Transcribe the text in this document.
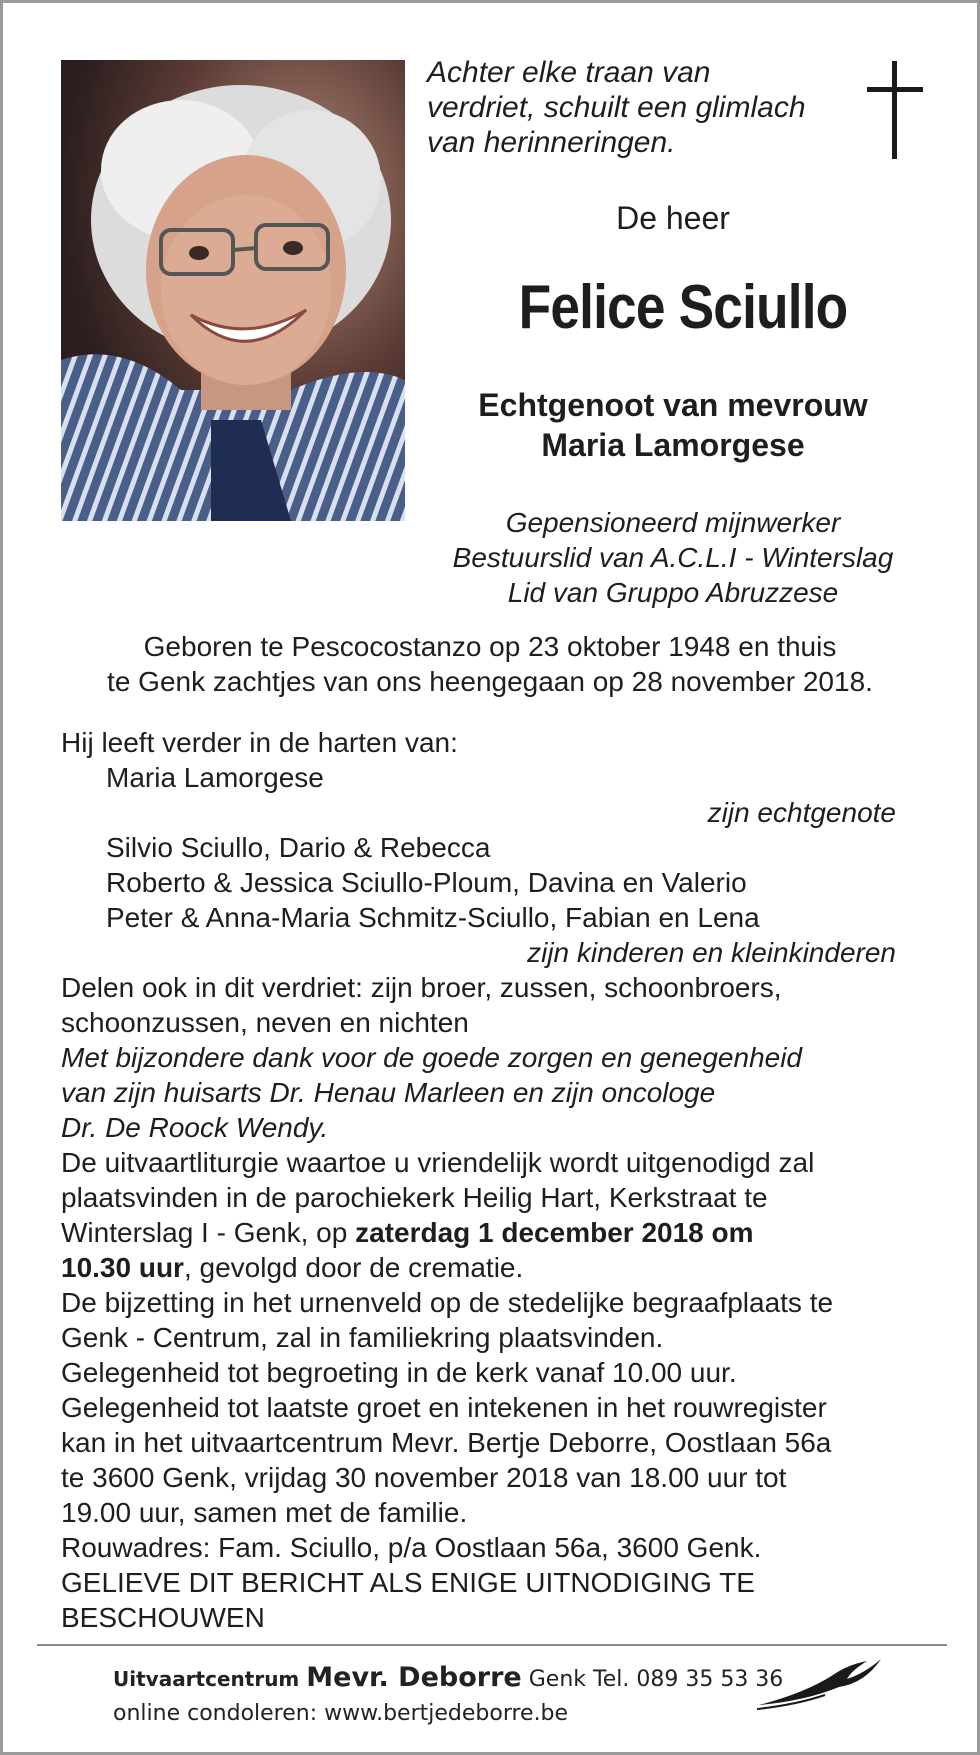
Achter elke traan van
verdriet, schuilt een glimlach
van herinneringen.
De heer
Felice Sciullo
Echtgenoot van mevrouw
Maria Lamorgese
Gepensioneerd mijnwerker
Bestuurslid van A.C.L.I - Winterslag
Lid van Gruppo Abruzzese
Geboren te Pescocostanzo op 23 oktober 1948 en thuis
te Genk zachtjes van ons heengegaan op 28 november 2018.
Hij leeft verder in de harten van:
Maria Lamorgese
zijn echtgenote
Silvio Sciullo, Dario & Rebecca
Roberto & Jessica Sciullo-Ploum, Davina en Valerio
Peter & Anna-Maria Schmitz-Sciullo, Fabian en Lena
zijn kinderen en kleinkinderen
Delen ook in dit verdriet: zijn broer, zussen, schoonbroers,
schoonzussen, neven en nichten
Met bijzondere dank voor de goede zorgen en genegenheid
van zijn huisarts Dr. Henau Marleen en zijn oncologe
Dr. De Roock Wendy.
De uitvaartliturgie waartoe u vriendelijk wordt uitgenodigd zal
plaatsvinden in de parochiekerk Heilig Hart, Kerkstraat te
Winterslag I - Genk, op zaterdag 1 december 2018 om
10.30 uur, gevolgd door de crematie.
De bijzetting in het urnenveld op de stedelijke begraafplaats te
Genk - Centrum, zal in familiekring plaatsvinden.
Gelegenheid tot begroeting in de kerk vanaf 10.00 uur.
Gelegenheid tot laatste groet en intekenen in het rouwregister
kan in het uitvaartcentrum Mevr. Bertje Deborre, Oostlaan 56a
te 3600 Genk, vrijdag 30 november 2018 van 18.00 uur tot
19.00 uur, samen met de familie.
Rouwadres: Fam. Sciullo, p/a Oostlaan 56a, 3600 Genk.
GELIEVE DIT BERICHT ALS ENIGE UITNODIGING TE
BESCHOUWEN
Uitvaartcentrum Mevr. Deborre Genk Tel. 089 35 53 36
online condoleren: www.bertjedeborre.be
